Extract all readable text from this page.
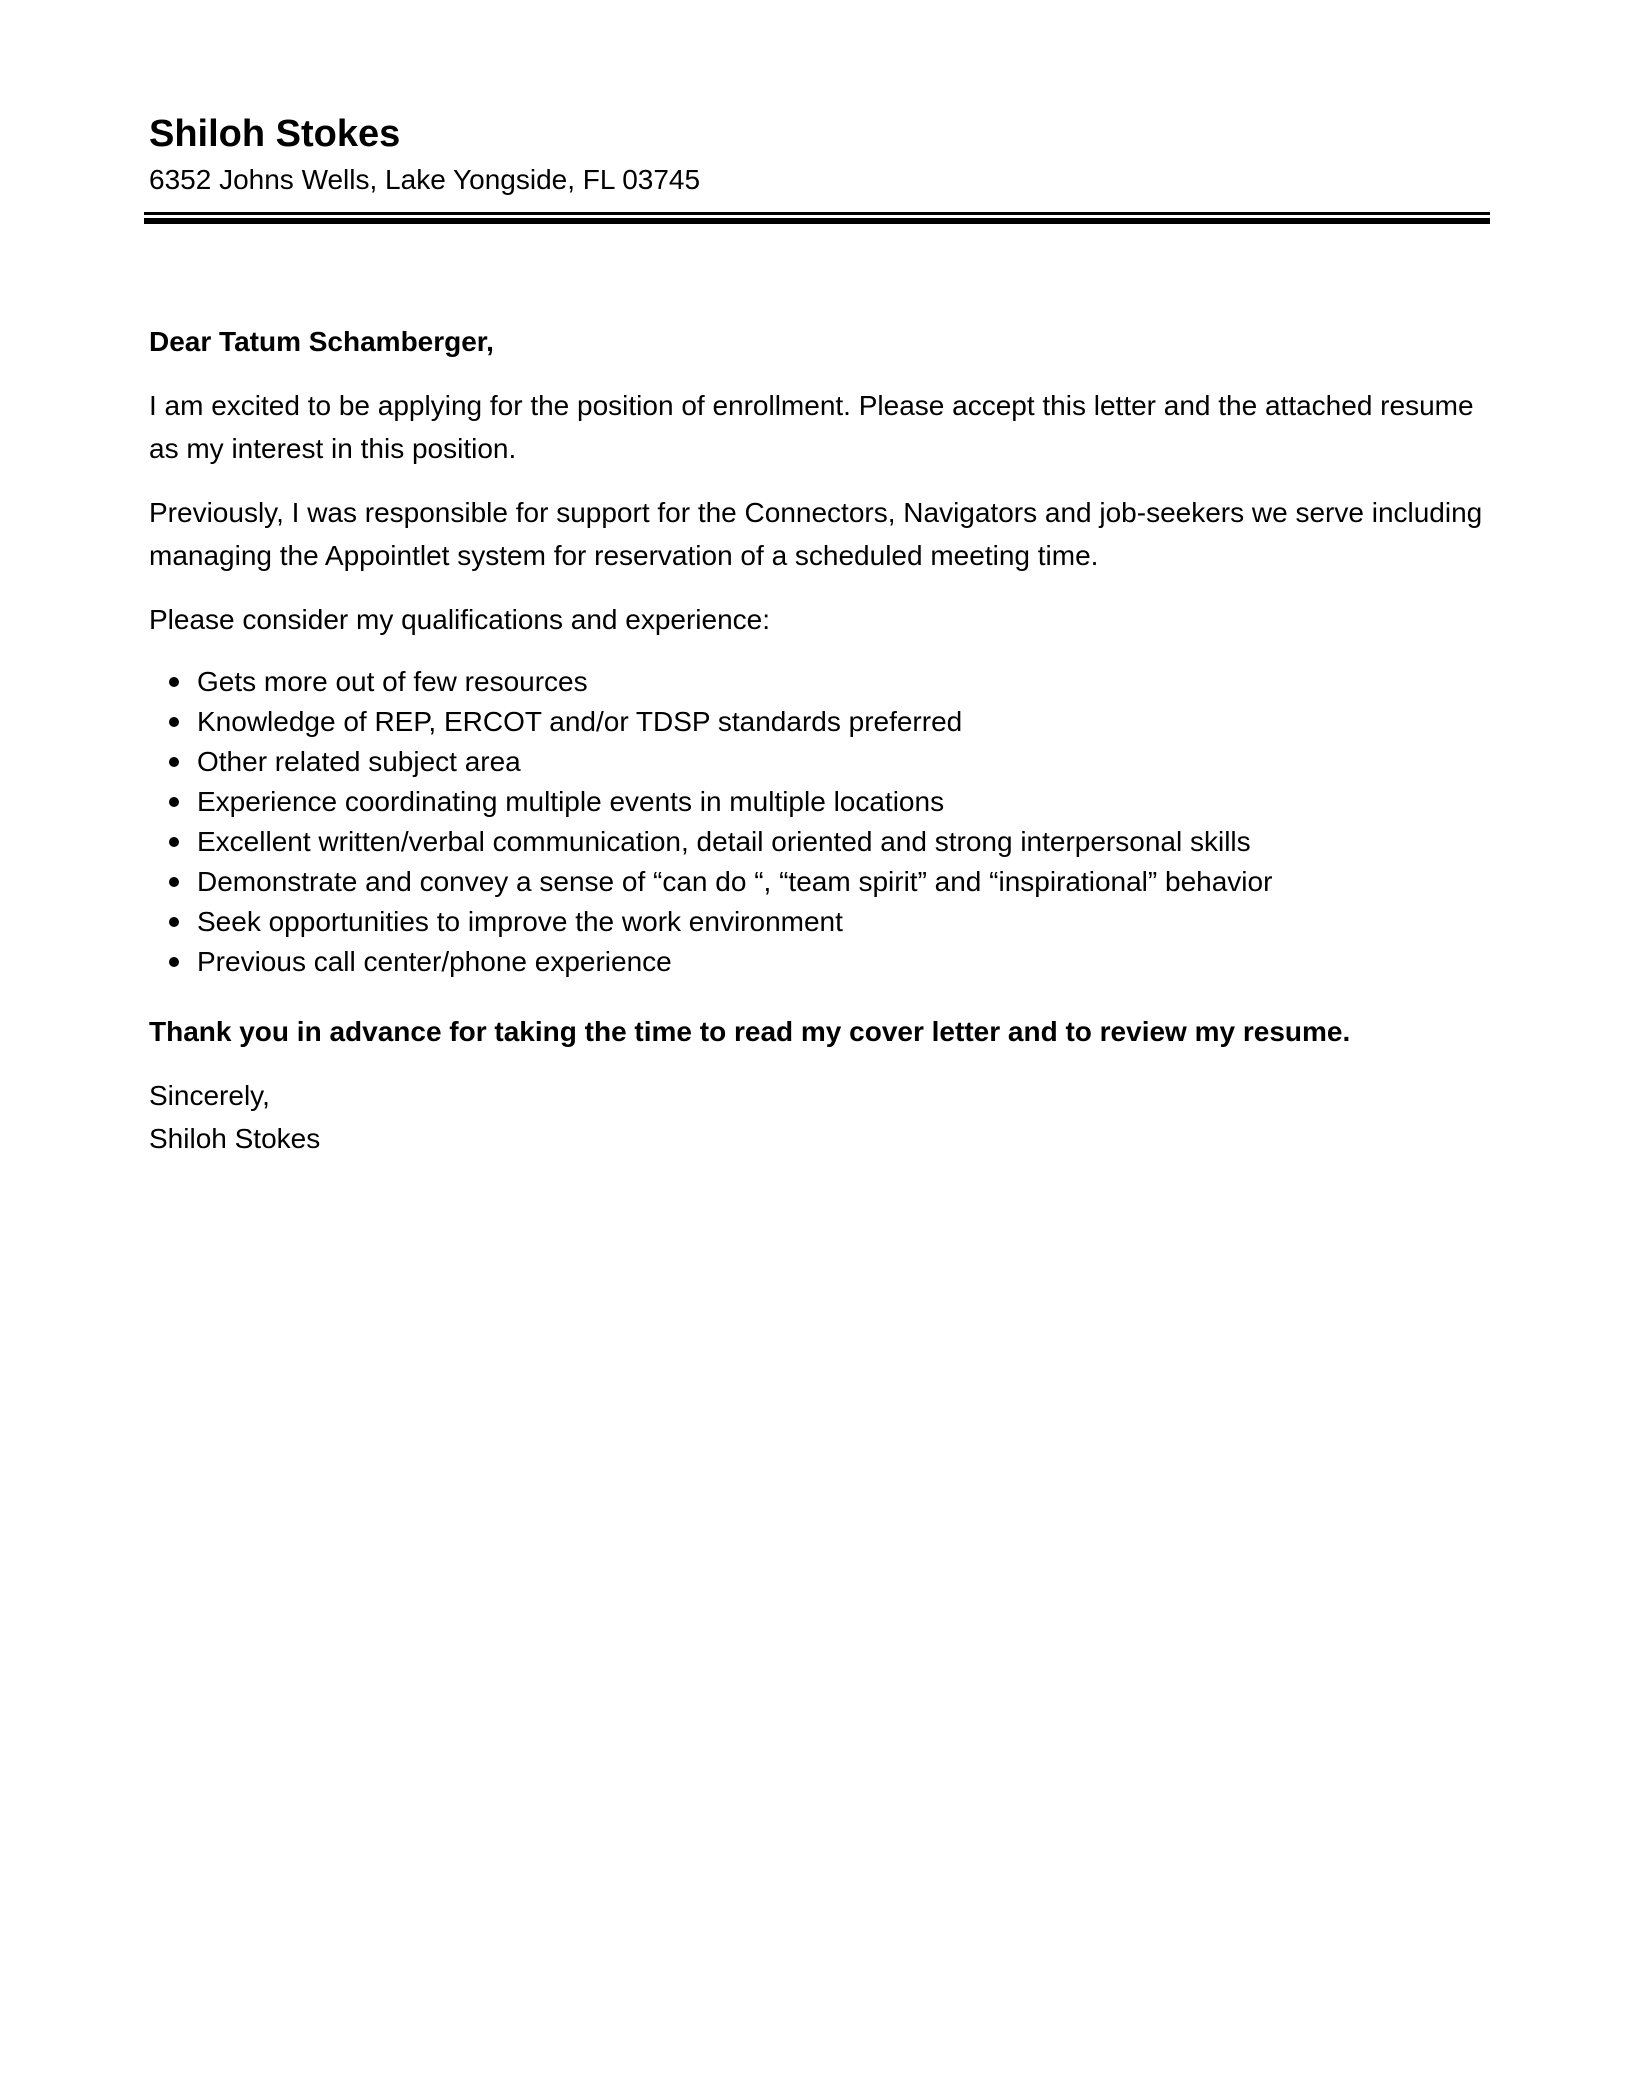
Shiloh Stokes

6352 Johns Wells, Lake Yongside, FL 03745

Dear Tatum Schamberger,

I am excited to be applying for the position of enrollment. Please accept this letter and the attached resume as my interest in this position.

Previously, I was responsible for support for the Connectors, Navigators and job-seekers we serve including managing the Appointlet system for reservation of a scheduled meeting time.

Please consider my qualifications and experience:

Gets more out of few resources
Knowledge of REP, ERCOT and/or TDSP standards preferred
Other related subject area
Experience coordinating multiple events in multiple locations
Excellent written/verbal communication, detail oriented and strong interpersonal skills
Demonstrate and convey a sense of “can do “, “team spirit” and “inspirational” behavior
Seek opportunities to improve the work environment
Previous call center/phone experience

Thank you in advance for taking the time to read my cover letter and to review my resume.

Sincerely,

Shiloh Stokes
